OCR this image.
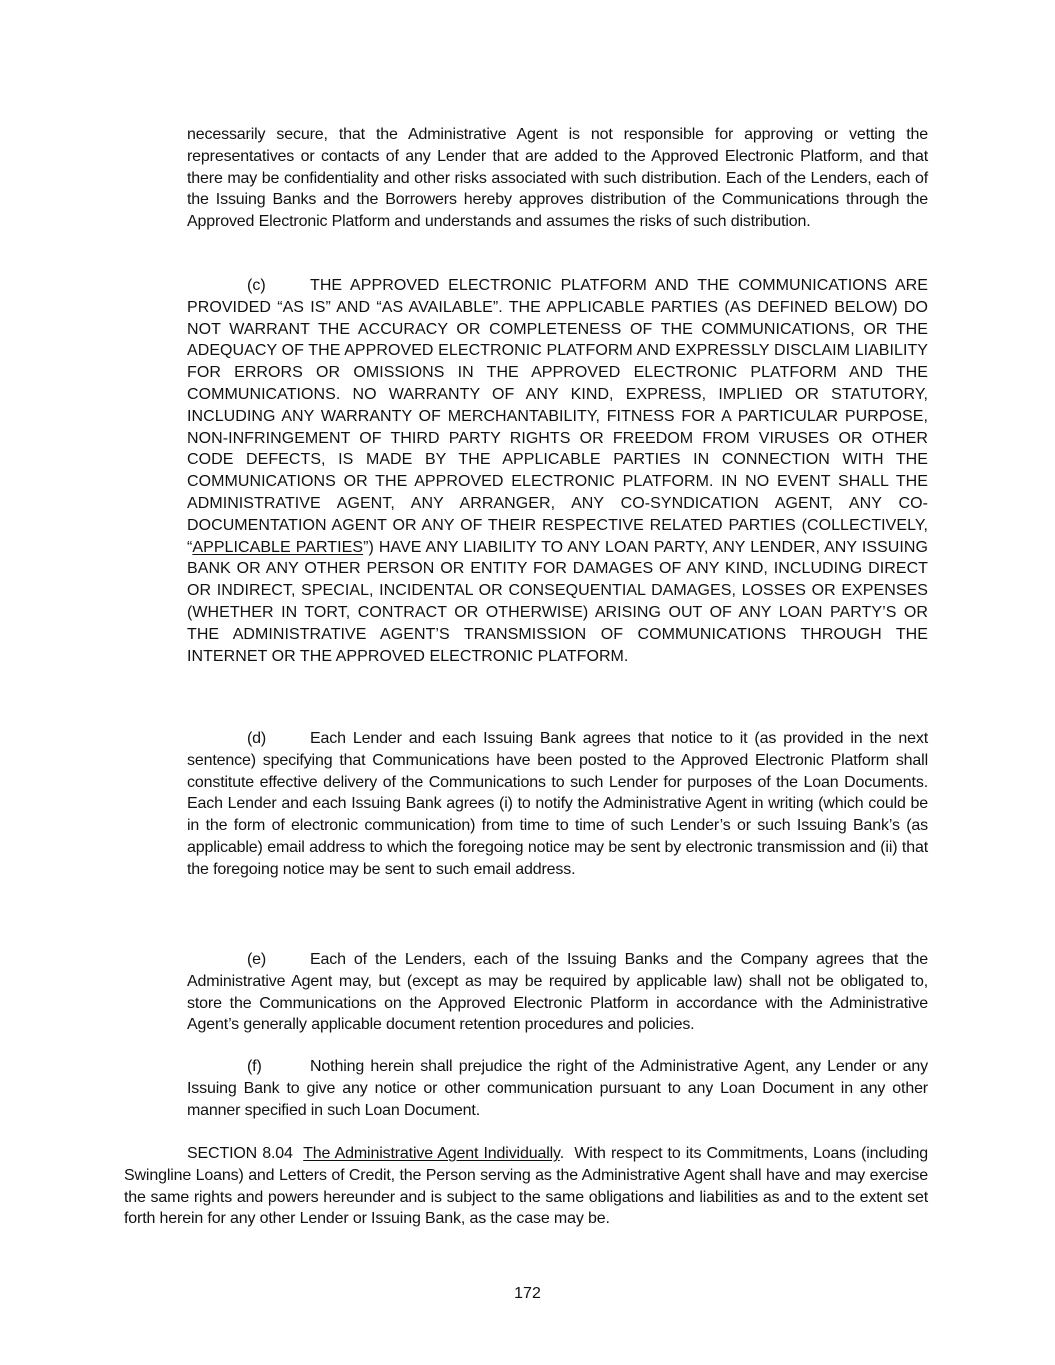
necessarily secure, that the Administrative Agent is not responsible for approving or vetting the representatives or contacts of any Lender that are added to the Approved Electronic Platform, and that there may be confidentiality and other risks associated with such distribution. Each of the Lenders, each of the Issuing Banks and the Borrowers hereby approves distribution of the Communications through the Approved Electronic Platform and understands and assumes the risks of such distribution.

(c)	THE APPROVED ELECTRONIC PLATFORM AND THE COMMUNICATIONS ARE PROVIDED “AS IS” AND “AS AVAILABLE”. THE APPLICABLE PARTIES (AS DEFINED BELOW) DO NOT WARRANT THE ACCURACY OR COMPLETENESS OF THE COMMUNICATIONS, OR THE ADEQUACY OF THE APPROVED ELECTRONIC PLATFORM AND EXPRESSLY DISCLAIM LIABILITY FOR ERRORS OR OMISSIONS IN THE APPROVED ELECTRONIC PLATFORM AND THE COMMUNICATIONS. NO WARRANTY OF ANY KIND, EXPRESS, IMPLIED OR STATUTORY, INCLUDING ANY WARRANTY OF MERCHANTABILITY, FITNESS FOR A PARTICULAR PURPOSE, NON-INFRINGEMENT OF THIRD PARTY RIGHTS OR FREEDOM FROM VIRUSES OR OTHER CODE DEFECTS, IS MADE BY THE APPLICABLE PARTIES IN CONNECTION WITH THE COMMUNICATIONS OR THE APPROVED ELECTRONIC PLATFORM. IN NO EVENT SHALL THE ADMINISTRATIVE AGENT, ANY ARRANGER, ANY CO-SYNDICATION AGENT, ANY CO-DOCUMENTATION AGENT OR ANY OF THEIR RESPECTIVE RELATED PARTIES (COLLECTIVELY, “APPLICABLE PARTIES”) HAVE ANY LIABILITY TO ANY LOAN PARTY, ANY LENDER, ANY ISSUING BANK OR ANY OTHER PERSON OR ENTITY FOR DAMAGES OF ANY KIND, INCLUDING DIRECT OR INDIRECT, SPECIAL, INCIDENTAL OR CONSEQUENTIAL DAMAGES, LOSSES OR EXPENSES (WHETHER IN TORT, CONTRACT OR OTHERWISE) ARISING OUT OF ANY LOAN PARTY’S OR THE ADMINISTRATIVE AGENT’S TRANSMISSION OF COMMUNICATIONS THROUGH THE INTERNET OR THE APPROVED ELECTRONIC PLATFORM.

(d)	Each Lender and each Issuing Bank agrees that notice to it (as provided in the next sentence) specifying that Communications have been posted to the Approved Electronic Platform shall constitute effective delivery of the Communications to such Lender for purposes of the Loan Documents. Each Lender and each Issuing Bank agrees (i) to notify the Administrative Agent in writing (which could be in the form of electronic communication) from time to time of such Lender’s or such Issuing Bank’s (as applicable) email address to which the foregoing notice may be sent by electronic transmission and (ii) that the foregoing notice may be sent to such email address.

(e)	Each of the Lenders, each of the Issuing Banks and the Company agrees that the Administrative Agent may, but (except as may be required by applicable law) shall not be obligated to, store the Communications on the Approved Electronic Platform in accordance with the Administrative Agent’s generally applicable document retention procedures and policies.

(f)	Nothing herein shall prejudice the right of the Administrative Agent, any Lender or any Issuing Bank to give any notice or other communication pursuant to any Loan Document in any other manner specified in such Loan Document.

SECTION 8.04 The Administrative Agent Individually.  With respect to its Commitments, Loans (including Swingline Loans) and Letters of Credit, the Person serving as the Administrative Agent shall have and may exercise the same rights and powers hereunder and is subject to the same obligations and liabilities as and to the extent set forth herein for any other Lender or Issuing Bank, as the case may be.

172
